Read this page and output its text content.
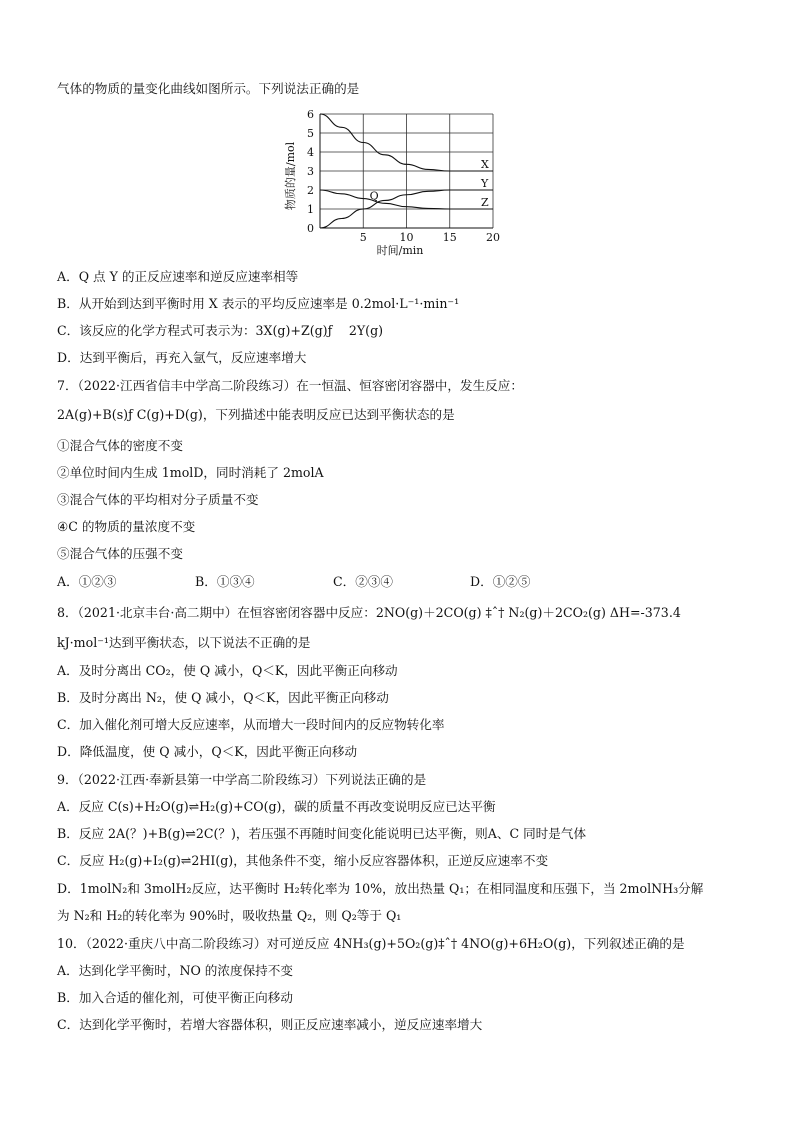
气体的物质的量变化曲线如图所示。下列说法正确的是
0
1
2
3
4
5
6
5	10	15	20
X
Y
Z
Q
时间/min
物质的量/mol
A．Q 点 Y 的正反应速率和逆反应速率相等
B．从开始到达到平衡时用 X 表示的平均反应速率是 0.2mol·L⁻¹·min⁻¹
C．该反应的化学方程式可表示为：3X(g)+Z(g)ƒ　 2Y(g)
D．达到平衡后，再充入氩气，反应速率增大
7．（2022·江西省信丰中学高二阶段练习）在一恒温、恒容密闭容器中，发生反应：
2A(g)+B(s)ƒ C(g)+D(g)，下列描述中能表明反应已达到平衡状态的是
①混合气体的密度不变
②单位时间内生成 1molD，同时消耗了 2molA
③混合气体的平均相对分子质量不变
④C 的物质的量浓度不变
⑤混合气体的压强不变
A．①②③	B．①③④	C．②③④	D．①②⑤
8．（2021·北京丰台·高二期中）在恒容密闭容器中反应：2NO(g)＋2CO(g) ‡ˆ† N₂(g)＋2CO₂(g) ΔH=-373.4
kJ·mol⁻¹达到平衡状态，以下说法不正确的是
A．及时分离出 CO₂，使 Q 减小，Q＜K，因此平衡正向移动
B．及时分离出 N₂，使 Q 减小，Q＜K，因此平衡正向移动
C．加入催化剂可增大反应速率，从而增大一段时间内的反应物转化率
D．降低温度，使 Q 减小，Q＜K，因此平衡正向移动
9．（2022·江西·奉新县第一中学高二阶段练习）下列说法正确的是
A．反应 C(s)+H₂O(g)⇌H₂(g)+CO(g)，碳的质量不再改变说明反应已达平衡
B．反应 2A(？)+B(g)⇌2C(？)，若压强不再随时间变化能说明已达平衡，则A、C 同时是气体
C．反应 H₂(g)+I₂(g)⇌2HI(g)，其他条件不变，缩小反应容器体积，正逆反应速率不变
D．1molN₂和 3molH₂反应，达平衡时 H₂转化率为 10%，放出热量 Q₁；在相同温度和压强下，当 2molNH₃分解
为 N₂和 H₂的转化率为 90%时，吸收热量 Q₂，则 Q₂等于 Q₁
10．（2022·重庆八中高二阶段练习）对可逆反应 4NH₃(g)+5O₂(g)‡ˆ† 4NO(g)+6H₂O(g)，下列叙述正确的是
A．达到化学平衡时，NO 的浓度保持不变
B．加入合适的催化剂，可使平衡正向移动
C．达到化学平衡时，若增大容器体积，则正反应速率减小，逆反应速率增大
